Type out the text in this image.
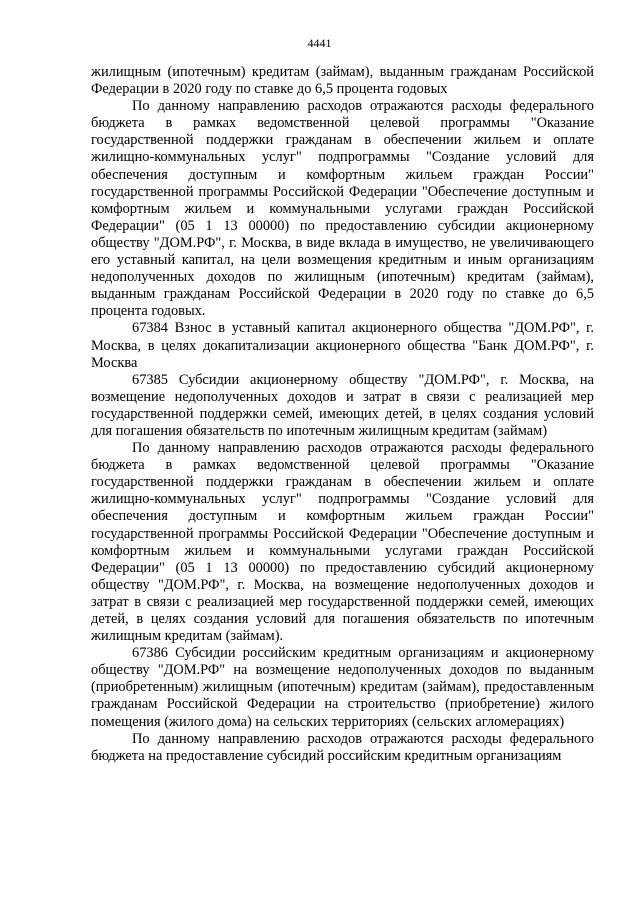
4441

жилищным (ипотечным) кредитам (займам), выданным гражданам Российской Федерации в 2020 году по ставке до 6,5 процента годовых

По данному направлению расходов отражаются расходы федерального бюджета в рамках ведомственной целевой программы "Оказание государственной поддержки гражданам в обеспечении жильем и оплате жилищно-коммунальных услуг" подпрограммы "Создание условий для обеспечения доступным и комфортным жильем граждан России" государственной программы Российской Федерации "Обеспечение доступным и комфортным жильем и коммунальными услугами граждан Российской Федерации" (05 1 13 00000) по предоставлению субсидии акционерному обществу "ДОМ.РФ", г. Москва, в виде вклада в имущество, не увеличивающего его уставный капитал, на цели возмещения кредитным и иным организациям недополученных доходов по жилищным (ипотечным) кредитам (займам), выданным гражданам Российской Федерации в 2020 году по ставке до 6,5 процента годовых.

67384 Взнос в уставный капитал акционерного общества "ДОМ.РФ", г. Москва, в целях докапитализации акционерного общества "Банк ДОМ.РФ", г. Москва

67385 Субсидии акционерному обществу "ДОМ.РФ", г. Москва, на возмещение недополученных доходов и затрат в связи с реализацией мер государственной поддержки семей, имеющих детей, в целях создания условий для погашения обязательств по ипотечным жилищным кредитам (займам)

По данному направлению расходов отражаются расходы федерального бюджета в рамках ведомственной целевой программы "Оказание государственной поддержки гражданам в обеспечении жильем и оплате жилищно-коммунальных услуг" подпрограммы "Создание условий для обеспечения доступным и комфортным жильем граждан России" государственной программы Российской Федерации "Обеспечение доступным и комфортным жильем и коммунальными услугами граждан Российской Федерации" (05 1 13 00000) по предоставлению субсидий акционерному обществу "ДОМ.РФ", г. Москва, на возмещение недополученных доходов и затрат в связи с реализацией мер государственной поддержки семей, имеющих детей, в целях создания условий для погашения обязательств по ипотечным жилищным кредитам (займам).

67386 Субсидии российским кредитным организациям и акционерному обществу "ДОМ.РФ" на возмещение недополученных доходов по выданным (приобретенным) жилищным (ипотечным) кредитам (займам), предоставленным гражданам Российской Федерации на строительство (приобретение) жилого помещения (жилого дома) на сельских территориях (сельских агломерациях)

По данному направлению расходов отражаются расходы федерального бюджета на предоставление субсидий российским кредитным организациям
